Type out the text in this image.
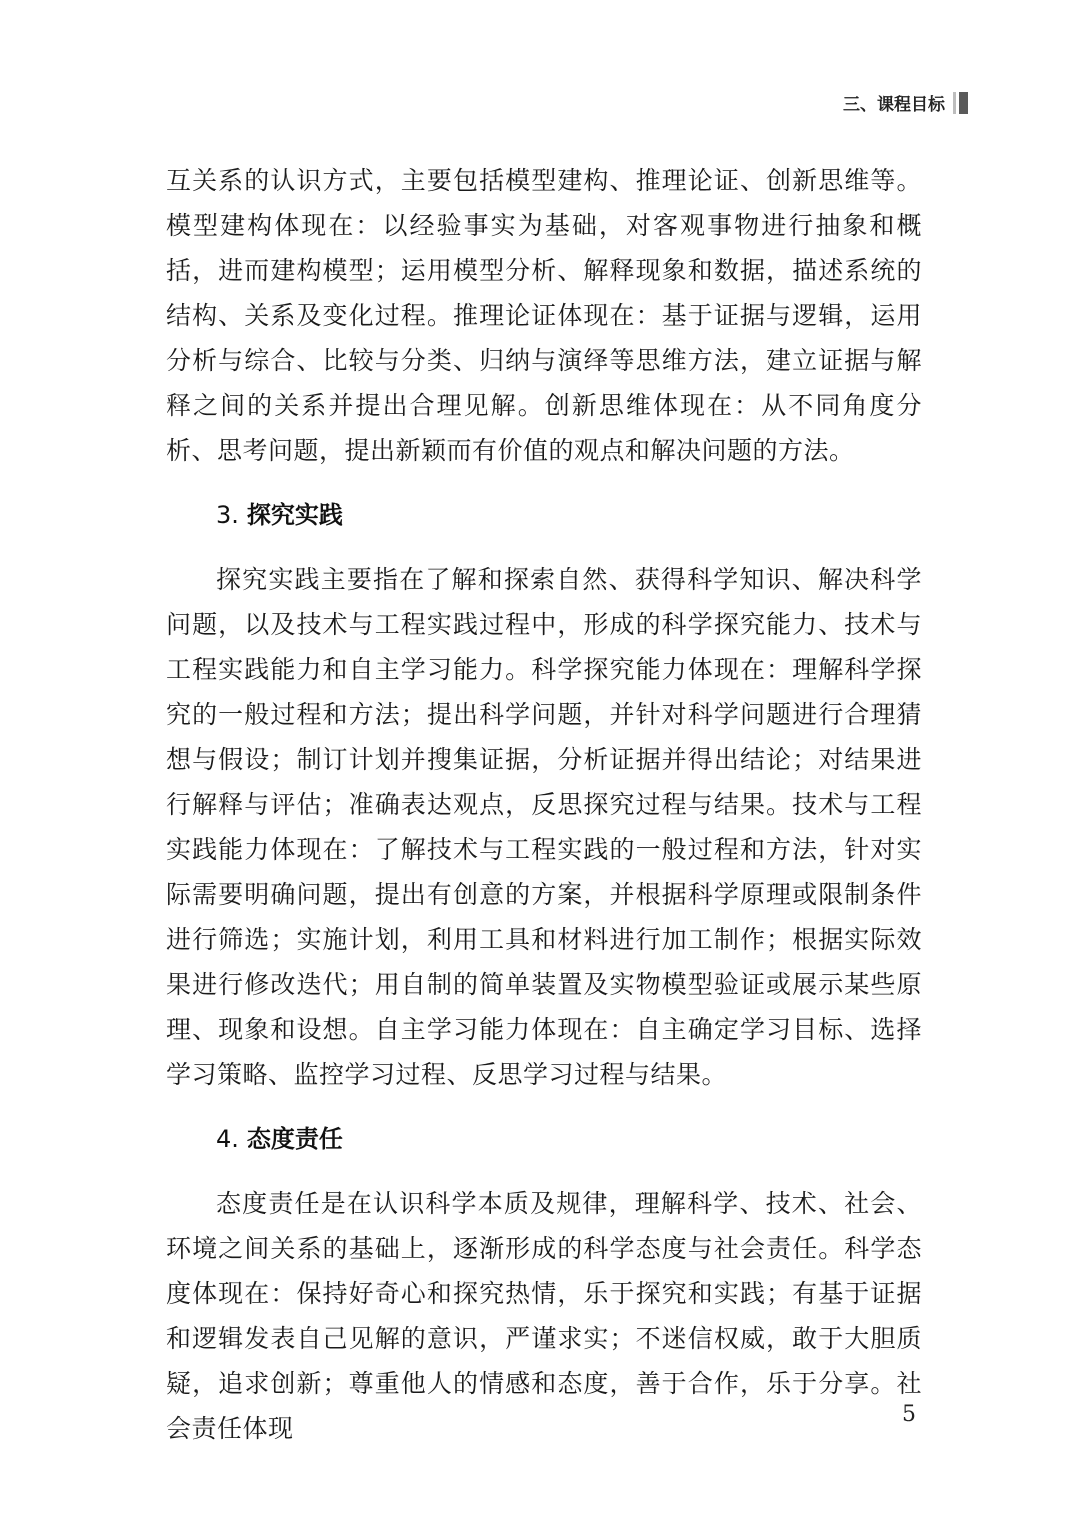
三、课程目标

互关系的认识方式，主要包括模型建构、推理论证、创新思维等。模型建构体现在：以经验事实为基础，对客观事物进行抽象和概括，进而建构模型；运用模型分析、解释现象和数据，描述系统的结构、关系及变化过程。推理论证体现在：基于证据与逻辑，运用分析与综合、比较与分类、归纳与演绎等思维方法，建立证据与解释之间的关系并提出合理见解。创新思维体现在：从不同角度分析、思考问题，提出新颖而有价值的观点和解决问题的方法。

3. 探究实践

探究实践主要指在了解和探索自然、获得科学知识、解决科学问题，以及技术与工程实践过程中，形成的科学探究能力、技术与工程实践能力和自主学习能力。科学探究能力体现在：理解科学探究的一般过程和方法；提出科学问题，并针对科学问题进行合理猜想与假设；制订计划并搜集证据，分析证据并得出结论；对结果进行解释与评估；准确表达观点，反思探究过程与结果。技术与工程实践能力体现在：了解技术与工程实践的一般过程和方法，针对实际需要明确问题，提出有创意的方案，并根据科学原理或限制条件进行筛选；实施计划，利用工具和材料进行加工制作；根据实际效果进行修改迭代；用自制的简单装置及实物模型验证或展示某些原理、现象和设想。自主学习能力体现在：自主确定学习目标、选择学习策略、监控学习过程、反思学习过程与结果。

4. 态度责任

态度责任是在认识科学本质及规律，理解科学、技术、社会、环境之间关系的基础上，逐渐形成的科学态度与社会责任。科学态度体现在：保持好奇心和探究热情，乐于探究和实践；有基于证据和逻辑发表自己见解的意识，严谨求实；不迷信权威，敢于大胆质疑，追求创新；尊重他人的情感和态度，善于合作，乐于分享。社会责任体现	5
